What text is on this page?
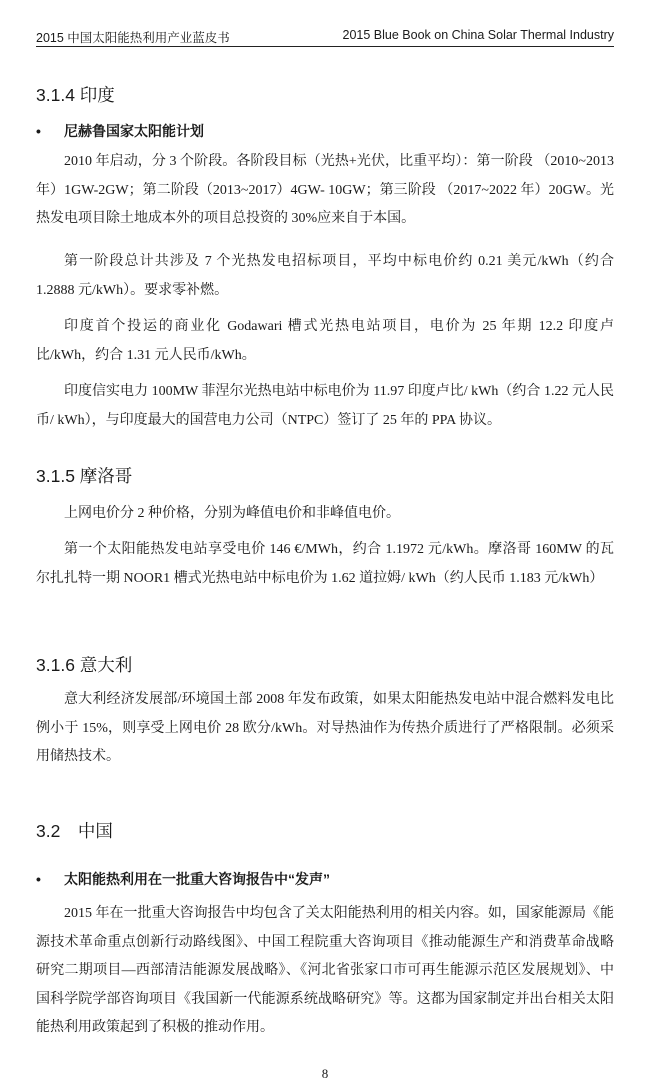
2015 中国太阳能热利用产业蓝皮书	2015 Blue Book on China Solar Thermal Industry
3.1.4 印度
• 尼赫鲁国家太阳能计划

2010 年启动，分 3 个阶段。各阶段目标（光热+光伏，比重平均）：第一阶段 （2010~2013 年）1GW-2GW；第二阶段（2013~2017）4GW- 10GW；第三阶段 （2017~2022 年）20GW。光热发电项目除土地成本外的项目总投资的 30%应来自于本国。

第一阶段总计共涉及 7 个光热发电招标项目，平均中标电价约 0.21 美元/kWh（约合 1.2888 元/kWh）。要求零补燃。

印度首个投运的商业化 Godawari 槽式光热电站项目，电价为 25 年期 12.2 印度卢比/kWh，约合 1.31 元人民币/kWh。

印度信实电力 100MW 菲涅尔光热电站中标电价为 11.97 印度卢比/ kWh（约合 1.22 元人民币/ kWh），与印度最大的国营电力公司（NTPC）签订了 25 年的 PPA 协议。

3.1.5 摩洛哥

上网电价分 2 种价格，分别为峰值电价和非峰值电价。

第一个太阳能热发电站享受电价 146 €/MWh，约合 1.1972 元/kWh。摩洛哥 160MW 的瓦尔扎扎特一期 NOOR1 槽式光热电站中标电价为 1.62 道拉姆/ kWh（约人民币 1.183 元/kWh）

3.1.6 意大利

意大利经济发展部/环境国土部 2008 年发布政策，如果太阳能热发电站中混合燃料发电比例小于 15%，则享受上网电价 28 欧分/kWh。对导热油作为传热介质进行了严格限制。必须采用储热技术。

3.2　中国
• 太阳能热利用在一批重大咨询报告中“发声”

2015 年在一批重大咨询报告中均包含了关太阳能热利用的相关内容。如，国家能源局《能源技术革命重点创新行动路线图》、中国工程院重大咨询项目《推动能源生产和消费革命战略研究二期项目—西部清洁能源发展战略》、《河北省张家口市可再生能源示范区发展规划》、中国科学院学部咨询项目《我国新一代能源系统战略研究》等。这都为国家制定并出台相关太阳能热利用政策起到了积极的推动作用。

8
